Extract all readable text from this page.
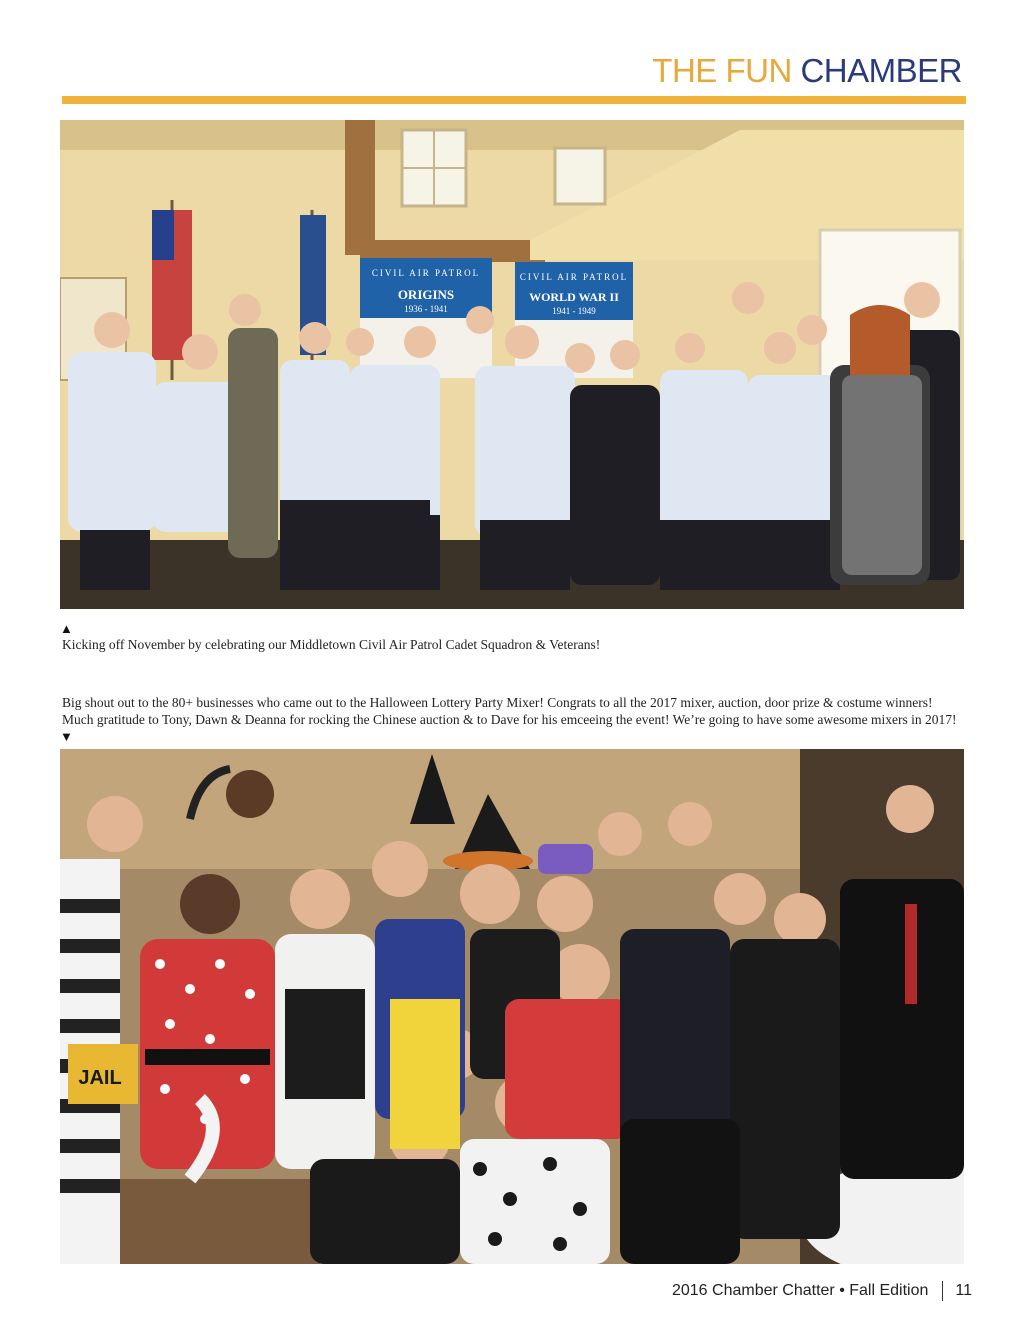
THE FUN CHAMBER
CIVIL AIR PATROL
ORIGINS
1936 - 1941
CIVIL AIR PATROL
WORLD WAR II
1941 - 1949
▲
Kicking off November by celebrating our Middletown Civil Air Patrol Cadet Squadron & Veterans!
Big shout out to the 80+ businesses who came out to the Halloween Lottery Party Mixer! Congrats to all the 2017 mixer, auction, door prize & costume winners! Much gratitude to Tony, Dawn & Deanna for rocking the Chinese auction & to Dave for his emceeing the event! We’re going to have some awesome mixers in 2017!
▼
JAIL
2016 Chamber Chatter • Fall Edition 11
